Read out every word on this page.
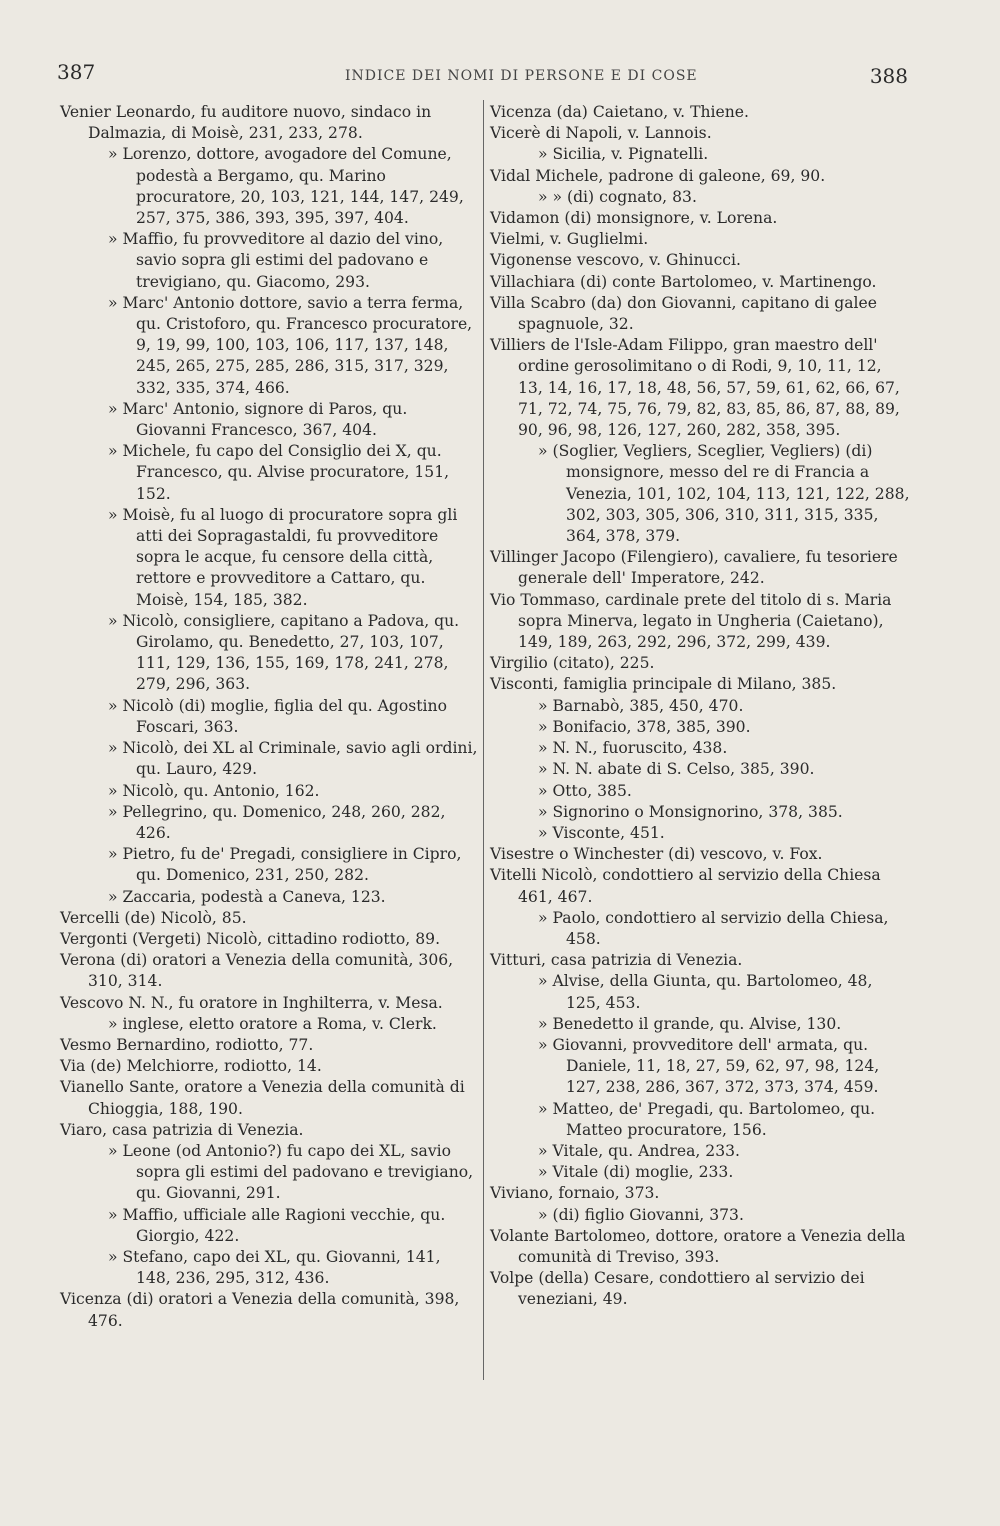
387	INDICE DEI NOMI DI PERSONE E DI COSE	388

Venier Leonardo, fu auditore nuovo, sindaco in Dalmazia, di Moisè, 231, 233, 278.

» Lorenzo, dottore, avogadore del Comune, podestà a Bergamo, qu. Marino procuratore, 20, 103, 121, 144, 147, 249, 257, 375, 386, 393, 395, 397, 404.

» Maffio, fu provveditore al dazio del vino, savio sopra gli estimi del padovano e trevigiano, qu. Giacomo, 293.

» Marc' Antonio dottore, savio a terra ferma, qu. Cristoforo, qu. Francesco procuratore, 9, 19, 99, 100, 103, 106, 117, 137, 148, 245, 265, 275, 285, 286, 315, 317, 329, 332, 335, 374, 466.

» Marc' Antonio, signore di Paros, qu. Giovanni Francesco, 367, 404.

» Michele, fu capo del Consiglio dei X, qu. Francesco, qu. Alvise procuratore, 151, 152.

» Moisè, fu al luogo di procuratore sopra gli atti dei Sopragastaldi, fu provveditore sopra le acque, fu censore della città, rettore e provveditore a Cattaro, qu. Moisè, 154, 185, 382.

» Nicolò, consigliere, capitano a Padova, qu. Girolamo, qu. Benedetto, 27, 103, 107, 111, 129, 136, 155, 169, 178, 241, 278, 279, 296, 363.

» Nicolò (di) moglie, figlia del qu. Agostino Foscari, 363.

» Nicolò, dei XL al Criminale, savio agli ordini, qu. Lauro, 429.

» Nicolò, qu. Antonio, 162.

» Pellegrino, qu. Domenico, 248, 260, 282, 426.

» Pietro, fu de' Pregadi, consigliere in Cipro, qu. Domenico, 231, 250, 282.

» Zaccaria, podestà a Caneva, 123.

Vercelli (de) Nicolò, 85.

Vergonti (Vergeti) Nicolò, cittadino rodiotto, 89.

Verona (di) oratori a Venezia della comunità, 306, 310, 314.

Vescovo N. N., fu oratore in Inghilterra, v. Mesa.

» inglese, eletto oratore a Roma, v. Clerk.

Vesmo Bernardino, rodiotto, 77.

Via (de) Melchiorre, rodiotto, 14.

Vianello Sante, oratore a Venezia della comunità di Chioggia, 188, 190.

Viaro, casa patrizia di Venezia.

» Leone (od Antonio?) fu capo dei XL, savio sopra gli estimi del padovano e trevigiano, qu. Giovanni, 291.

» Maffio, ufficiale alle Ragioni vecchie, qu. Giorgio, 422.

» Stefano, capo dei XL, qu. Giovanni, 141, 148, 236, 295, 312, 436.

Vicenza (di) oratori a Venezia della comunità, 398, 476.

Vicenza (da) Caietano, v. Thiene.

Vicerè di Napoli, v. Lannois.

» Sicilia, v. Pignatelli.

Vidal Michele, padrone di galeone, 69, 90.

» » (di) cognato, 83.

Vidamon (di) monsignore, v. Lorena.

Vielmi, v. Guglielmi.

Vigonense vescovo, v. Ghinucci.

Villachiara (di) conte Bartolomeo, v. Martinengo.

Villa Scabro (da) don Giovanni, capitano di galee spagnuole, 32.

Villiers de l'Isle-Adam Filippo, gran maestro dell' ordine gerosolimitano o di Rodi, 9, 10, 11, 12, 13, 14, 16, 17, 18, 48, 56, 57, 59, 61, 62, 66, 67, 71, 72, 74, 75, 76, 79, 82, 83, 85, 86, 87, 88, 89, 90, 96, 98, 126, 127, 260, 282, 358, 395.

» (Soglier, Vegliers, Sceglier, Vegliers) (di) monsignore, messo del re di Francia a Venezia, 101, 102, 104, 113, 121, 122, 288, 302, 303, 305, 306, 310, 311, 315, 335, 364, 378, 379.

Villinger Jacopo (Filengiero), cavaliere, fu tesoriere generale dell' Imperatore, 242.

Vio Tommaso, cardinale prete del titolo di s. Maria sopra Minerva, legato in Ungheria (Caietano), 149, 189, 263, 292, 296, 372, 299, 439.

Virgilio (citato), 225.

Visconti, famiglia principale di Milano, 385.

» Barnabò, 385, 450, 470.

» Bonifacio, 378, 385, 390.

» N. N., fuoruscito, 438.

» N. N. abate di S. Celso, 385, 390.

» Otto, 385.

» Signorino o Monsignorino, 378, 385.

» Visconte, 451.

Visestre o Winchester (di) vescovo, v. Fox.

Vitelli Nicolò, condottiero al servizio della Chiesa 461, 467.

» Paolo, condottiero al servizio della Chiesa, 458.

Vitturi, casa patrizia di Venezia.

» Alvise, della Giunta, qu. Bartolomeo, 48, 125, 453.

» Benedetto il grande, qu. Alvise, 130.

» Giovanni, provveditore dell' armata, qu. Daniele, 11, 18, 27, 59, 62, 97, 98, 124, 127, 238, 286, 367, 372, 373, 374, 459.

» Matteo, de' Pregadi, qu. Bartolomeo, qu. Matteo procuratore, 156.

» Vitale, qu. Andrea, 233.

» Vitale (di) moglie, 233.

Viviano, fornaio, 373.

» (di) figlio Giovanni, 373.

Volante Bartolomeo, dottore, oratore a Venezia della comunità di Treviso, 393.

Volpe (della) Cesare, condottiero al servizio dei veneziani, 49.
